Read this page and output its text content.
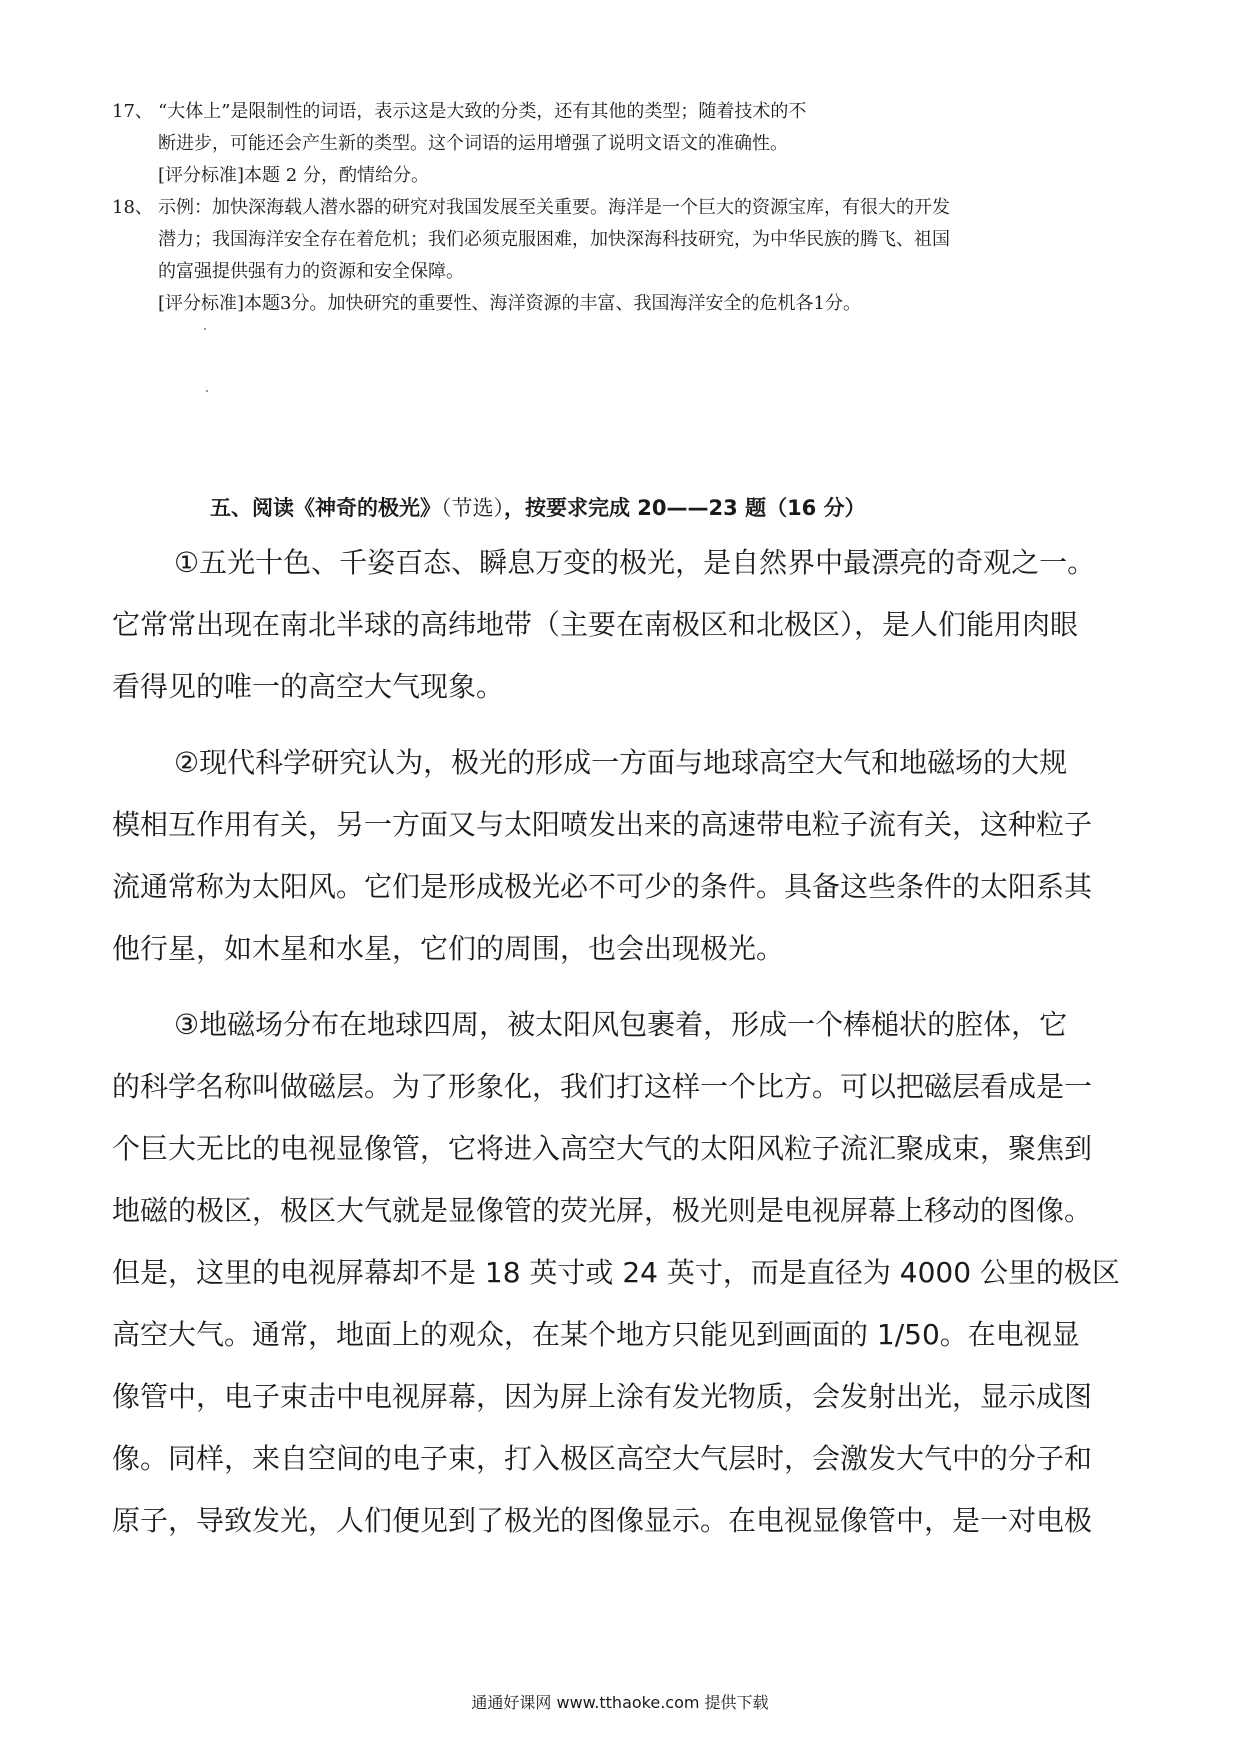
17、 “大体上”是限制性的词语，表示这是大致的分类，还有其他的类型；随着技术的不
断进步，可能还会产生新的类型。这个词语的运用增强了说明文语文的准确性。
[评分标准]本题 2 分，酌情给分。
18、 示例：加快深海载人潜水器的研究对我国发展至关重要。海洋是一个巨大的资源宝库，有很大的开发
潜力；我国海洋安全存在着危机；我们必须克服困难，加快深海科技研究，为中华民族的腾飞、祖国
的富强提供强有力的资源和安全保障。
[评分标准]本题3分。加快研究的重要性、海洋资源的丰富、我国海洋安全的危机各1分。
五、阅读《神奇的极光》（节选），按要求完成 20——23 题（16 分）
①五光十色、千姿百态、瞬息万变的极光，是自然界中最漂亮的奇观之一。
它常常出现在南北半球的高纬地带（主要在南极区和北极区），是人们能用肉眼
看得见的唯一的高空大气现象。
②现代科学研究认为，极光的形成一方面与地球高空大气和地磁场的大规
模相互作用有关，另一方面又与太阳喷发出来的高速带电粒子流有关，这种粒子
流通常称为太阳风。它们是形成极光必不可少的条件。具备这些条件的太阳系其
他行星，如木星和水星，它们的周围，也会出现极光。
③地磁场分布在地球四周，被太阳风包裹着，形成一个棒槌状的腔体，它
的科学名称叫做磁层。为了形象化，我们打这样一个比方。可以把磁层看成是一
个巨大无比的电视显像管，它将进入高空大气的太阳风粒子流汇聚成束，聚焦到
地磁的极区，极区大气就是显像管的荧光屏，极光则是电视屏幕上移动的图像。
但是，这里的电视屏幕却不是 18 英寸或 24 英寸，而是直径为 4000 公里的极区
高空大气。通常，地面上的观众，在某个地方只能见到画面的 1/50。在电视显
像管中，电子束击中电视屏幕，因为屏上涂有发光物质，会发射出光，显示成图
像。同样，来自空间的电子束，打入极区高空大气层时，会激发大气中的分子和
原子，导致发光，人们便见到了极光的图像显示。在电视显像管中，是一对电极
通通好课网 www.tthaoke.com 提供下载
